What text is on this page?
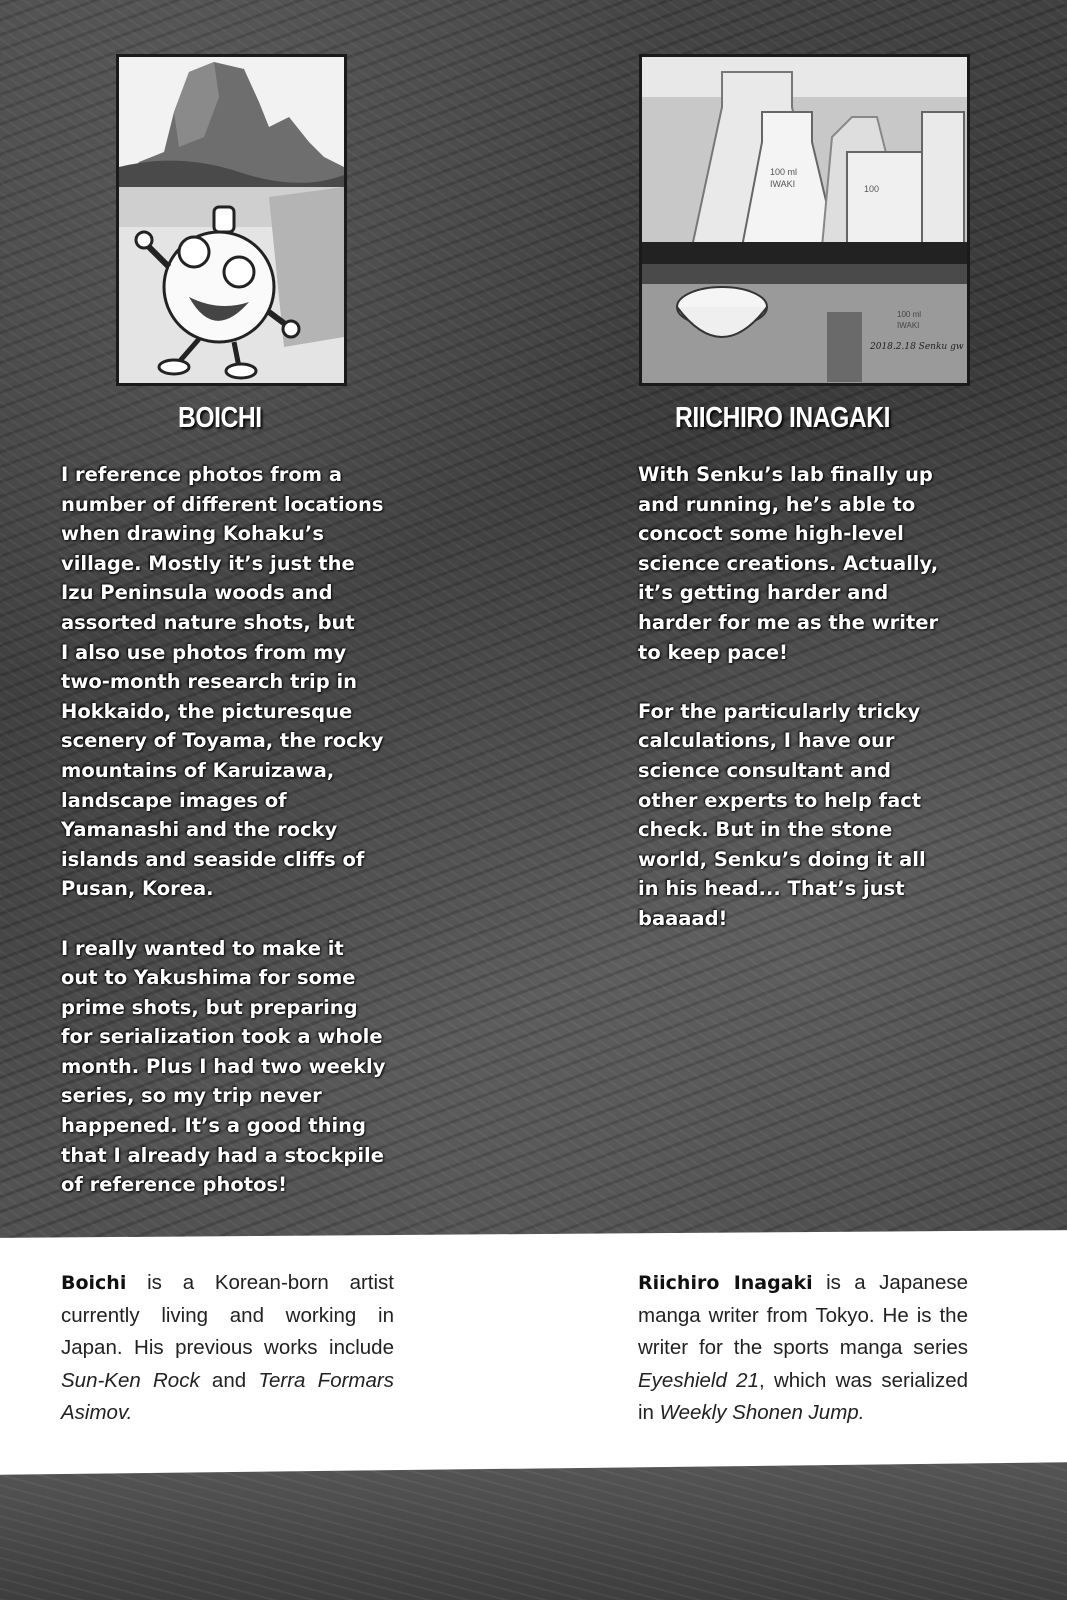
100 ml
IWAKI	100
100 ml
IWAKI
2018.2.18 Senku gw
BOICHI	RIICHIRO INAGAKI

I reference photos from a
number of different locations
when drawing Kohaku’s
village. Mostly it’s just the
Izu Peninsula woods and
assorted nature shots, but
I also use photos from my
two-month research trip in
Hokkaido, the picturesque
scenery of Toyama, the rocky
mountains of Karuizawa,
landscape images of
Yamanashi and the rocky
islands and seaside cliffs of
Pusan, Korea.

I really wanted to make it
out to Yakushima for some
prime shots, but preparing
for serialization took a whole
month. Plus I had two weekly
series, so my trip never
happened. It’s a good thing
that I already had a stockpile
of reference photos!

With Senku’s lab finally up
and running, he’s able to
concoct some high-level
science creations. Actually,
it’s getting harder and
harder for me as the writer
to keep pace!

For the particularly tricky
calculations, I have our
science consultant and
other experts to help fact
check. But in the stone
world, Senku’s doing it all
in his head... That’s just
baaaad!

Boichi is a Korean-born artist currently living and working in Japan. His previous works include Sun-Ken Rock and Terra Formars Asimov.

Riichiro Inagaki is a Japanese manga writer from Tokyo. He is the writer for the sports manga series Eyeshield 21, which was serialized in Weekly Shonen Jump.
